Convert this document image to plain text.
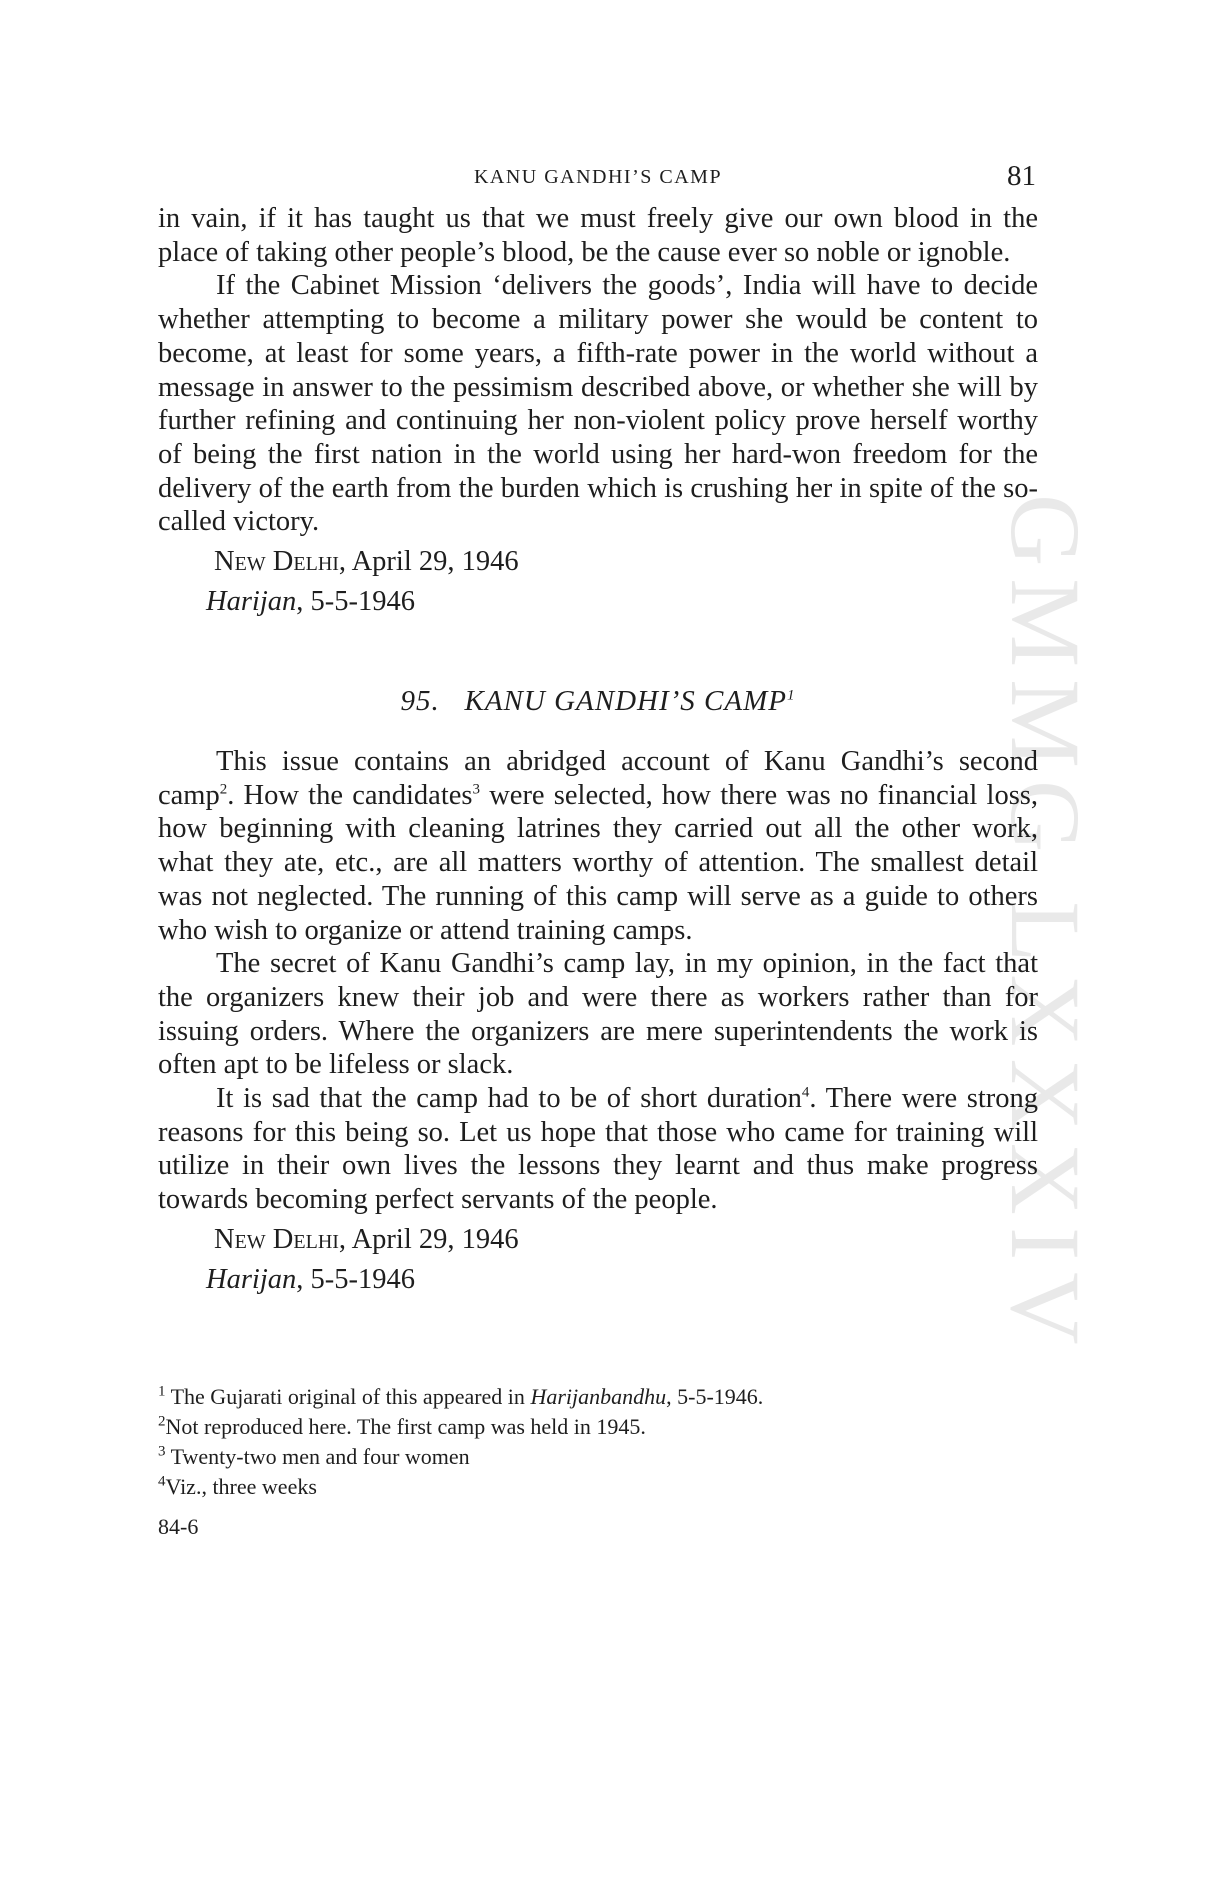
GMMG LXXXIV
KANU GANDHI’S CAMP	81

in vain, if it has taught us that we must freely give our own blood in the place of taking other people’s blood, be the cause ever so noble or ignoble.

If the Cabinet Mission ‘delivers the goods’, India will have to decide whether attempting to become a military power she would be content to become, at least for some years, a fifth-rate power in the world without a message in answer to the pessimism described above, or whether she will by further refining and continuing her non-violent policy prove herself worthy of being the first nation in the world using her hard-won freedom for the delivery of the earth from the burden which is crushing her in spite of the so-called victory.

New Delhi, April 29, 1946
Harijan, 5-5-1946
95. KANU GANDHI’S CAMP$^1$

This issue contains an abridged account of Kanu Gandhi’s second camp$^2$. How the candidates$^3$ were selected, how there was no financial loss, how beginning with cleaning latrines they carried out all the other work, what they ate, etc., are all matters worthy of attention. The smallest detail was not neglected. The running of this camp will serve as a guide to others who wish to organize or attend training camps.

The secret of Kanu Gandhi’s camp lay, in my opinion, in the fact that the organizers knew their job and were there as workers rather than for issuing orders. Where the organizers are mere superintendents the work is often apt to be lifeless or slack.

It is sad that the camp had to be of short duration$^4$. There were strong reasons for this being so. Let us hope that those who came for training will utilize in their own lives the lessons they learnt and thus make progress towards becoming perfect servants of the people.

New Delhi, April 29, 1946
Harijan, 5-5-1946

$^1$ The Gujarati original of this appeared in Harijanbandhu, 5-5-1946.

$^2$Not reproduced here. The first camp was held in 1945.

$^3$ Twenty-two men and four women

$^4$Viz., three weeks

84-6
